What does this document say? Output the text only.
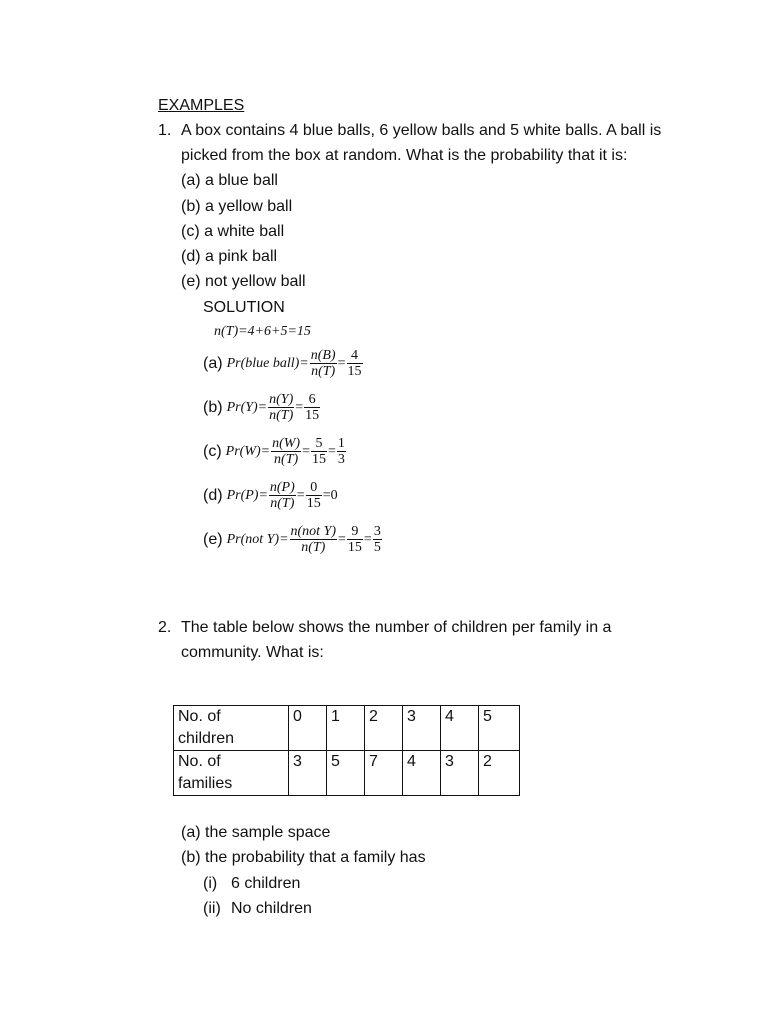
EXAMPLES
1. A box contains 4 blue balls, 6 yellow balls and 5 white balls. A ball is
picked from the box at random. What is the probability that it is:
(a) a blue ball
(b) a yellow ball
(c) a white ball
(d) a pink ball
(e) not yellow ball
SOLUTION
n(T)=4+6+5=15
(a) Pr(blue ball)= $\frac{n(B)}{n(T)} = \frac{4}{15}$
(b) $Pr(Y)= \frac{n(Y)}{n(T)} = \frac{6}{15}$
(c) $Pr(W)= \frac{n(W)}{n(T)} = \frac{5}{15} = \frac{1}{3}$
(d) $Pr(P)= \frac{n(P)}{n(T)} = \frac{0}{15} =0$
(e) Pr(not $Y)= \frac{\text{n(not Y)}}{n(T)} = \frac{9}{15} = \frac{3}{5}$
2. The table below shows the number of children per family in a
community. What is:
No. of
children	0	1	2	3	4	5
No. of
families	3	5	7	4	3	2
(a) the sample space
(b) the probability that a family has
(i) 6 children
(ii) No children
